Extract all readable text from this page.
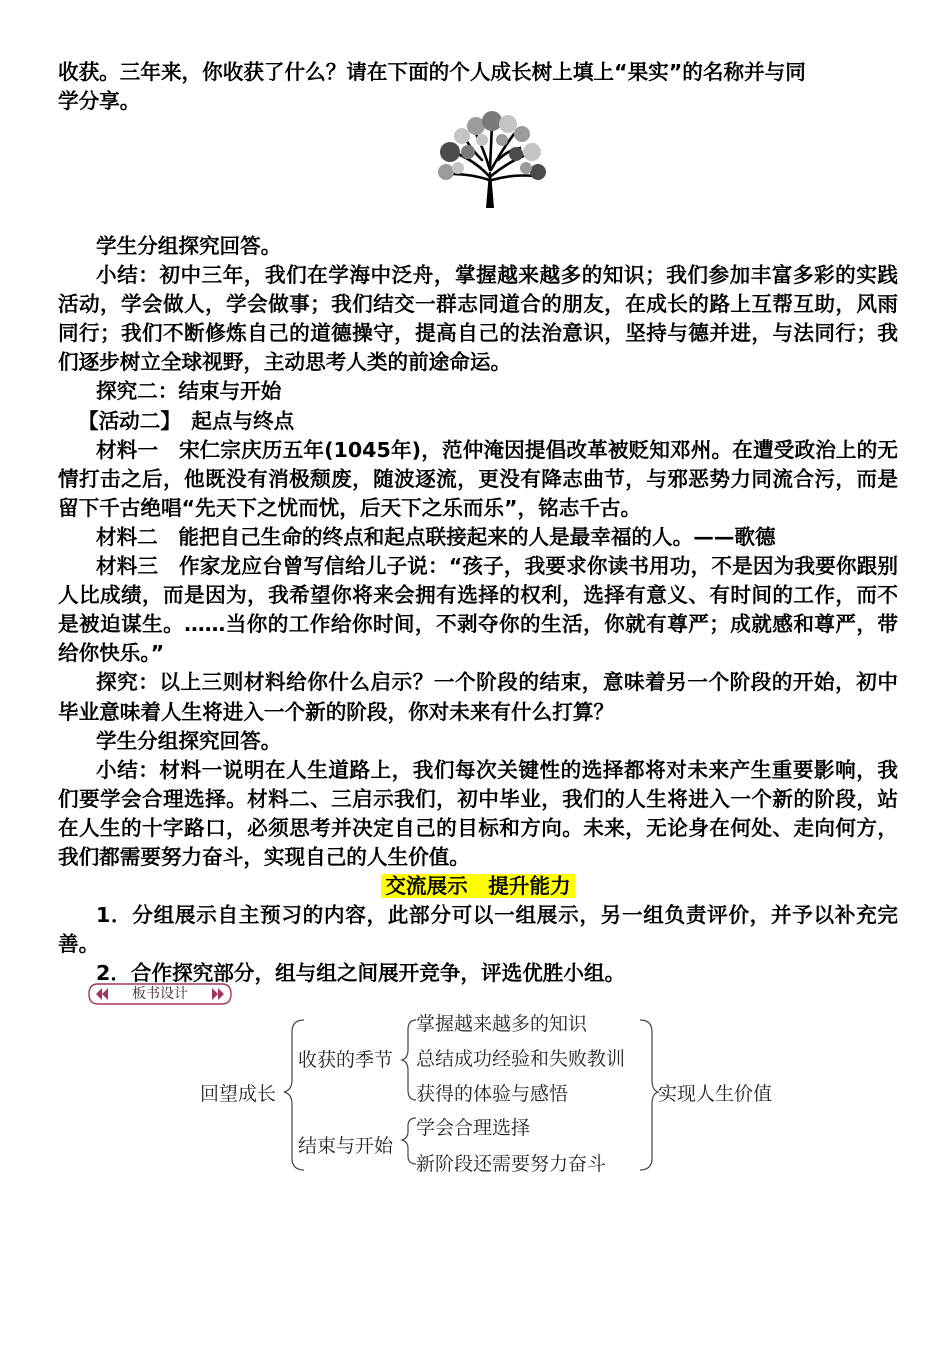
收获。三年来，你收获了什么？请在下面的个人成长树上填上“果实”的名称并与同

学分享。

学生分组探究回答。

小结：初中三年，我们在学海中泛舟，掌握越来越多的知识；我们参加丰富多彩的实践活动，学会做人，学会做事；我们结交一群志同道合的朋友，在成长的路上互帮互助，风雨同行；我们不断修炼自己的道德操守，提高自己的法治意识，坚持与德并进，与法同行；我们逐步树立全球视野，主动思考人类的前途命运。

探究二：结束与开始

【活动二】　起点与终点

材料一　宋仁宗庆历五年(1045年)，范仲淹因提倡改革被贬知邓州。在遭受政治上的无情打击之后，他既没有消极颓废，随波逐流，更没有降志曲节，与邪恶势力同流合污，而是留下千古绝唱“先天下之忧而忧，后天下之乐而乐”，铭志千古。

材料二　能把自己生命的终点和起点联接起来的人是最幸福的人。——歌德

材料三　作家龙应台曾写信给儿子说：“孩子，我要求你读书用功，不是因为我要你跟别人比成绩，而是因为，我希望你将来会拥有选择的权利，选择有意义、有时间的工作，而不是被迫谋生。……当你的工作给你时间，不剥夺你的生活，你就有尊严；成就感和尊严，带给你快乐。”

探究：以上三则材料给你什么启示？一个阶段的结束，意味着另一个阶段的开始，初中毕业意味着人生将进入一个新的阶段，你对未来有什么打算？

学生分组探究回答。

小结：材料一说明在人生道路上，我们每次关键性的选择都将对未来产生重要影响，我们要学会合理选择。材料二、三启示我们，初中毕业，我们的人生将进入一个新的阶段，站在人生的十字路口，必须思考并决定自己的目标和方向。未来，无论身在何处、走向何方，我们都需要努力奋斗，实现自己的人生价值。

交流展示　提升能力

1．分组展示自主预习的内容，此部分可以一组展示，另一组负责评价，并予以补充完善。

2．合作探究部分，组与组之间展开竞争，评选优胜小组。

板书设计
回望成长
收获的季节
掌握越来越多的知识
总结成功经验和失败教训
获得的体验与感悟
结束与开始
学会合理选择
新阶段还需要努力奋斗
实现人生价值
